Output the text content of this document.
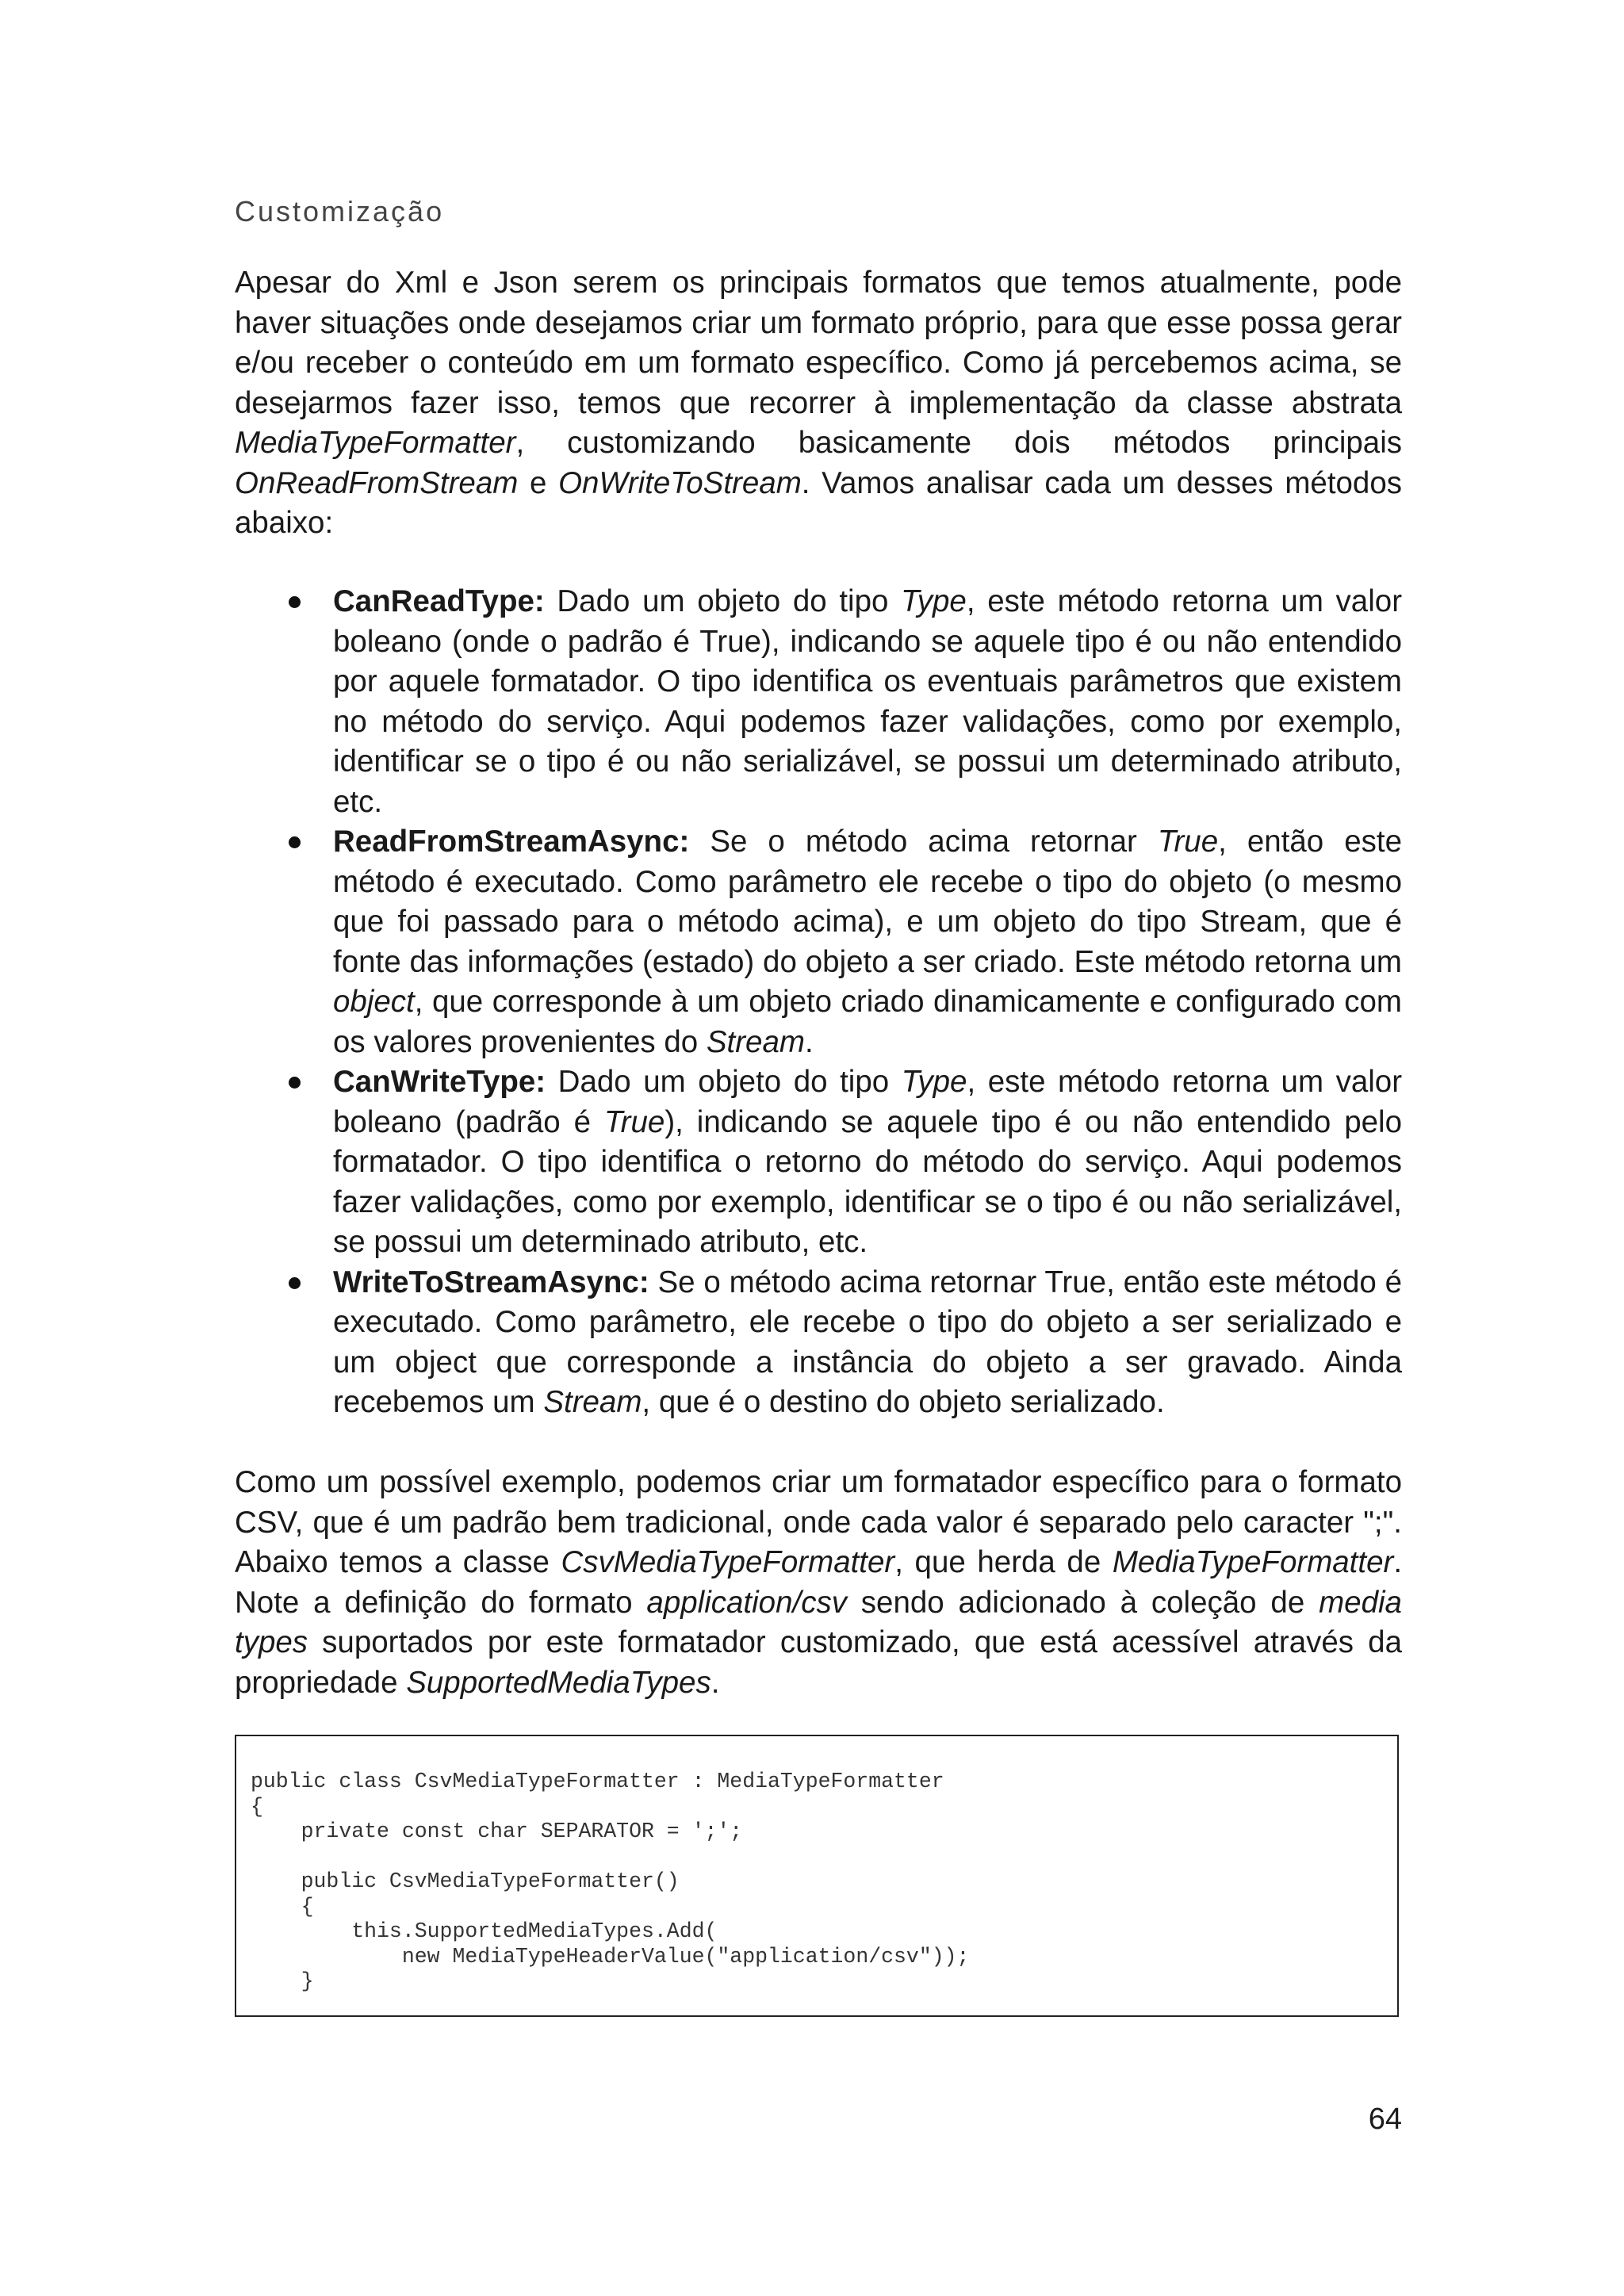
Customização

Apesar do Xml e Json serem os principais formatos que temos atualmente, pode haver situações onde desejamos criar um formato próprio, para que esse possa gerar e/ou receber o conteúdo em um formato específico. Como já percebemos acima, se desejarmos fazer isso, temos que recorrer à implementação da classe abstrata MediaTypeFormatter, customizando basicamente dois métodos principais OnReadFromStream e OnWriteToStream. Vamos analisar cada um desses métodos abaixo:

CanReadType: Dado um objeto do tipo Type, este método retorna um valor boleano (onde o padrão é True), indicando se aquele tipo é ou não entendido por aquele formatador. O tipo identifica os eventuais parâmetros que existem no método do serviço. Aqui podemos fazer validações, como por exemplo, identificar se o tipo é ou não serializável, se possui um determinado atributo, etc.
ReadFromStreamAsync: Se o método acima retornar True, então este método é executado. Como parâmetro ele recebe o tipo do objeto (o mesmo que foi passado para o método acima), e um objeto do tipo Stream, que é fonte das informações (estado) do objeto a ser criado. Este método retorna um object, que corresponde à um objeto criado dinamicamente e configurado com os valores provenientes do Stream.
CanWriteType: Dado um objeto do tipo Type, este método retorna um valor boleano (padrão é True), indicando se aquele tipo é ou não entendido pelo formatador. O tipo identifica o retorno do método do serviço. Aqui podemos fazer validações, como por exemplo, identificar se o tipo é ou não serializável, se possui um determinado atributo, etc.
WriteToStreamAsync: Se o método acima retornar True, então este método é executado. Como parâmetro, ele recebe o tipo do objeto a ser serializado e um object que corresponde a instância do objeto a ser gravado. Ainda recebemos um Stream, que é o destino do objeto serializado.

Como um possível exemplo, podemos criar um formatador específico para o formato CSV, que é um padrão bem tradicional, onde cada valor é separado pelo caracter ";". Abaixo temos a classe CsvMediaTypeFormatter, que herda de MediaTypeFormatter. Note a definição do formato application/csv sendo adicionado à coleção de media types suportados por este formatador customizado, que está acessível através da propriedade SupportedMediaTypes.

public class CsvMediaTypeFormatter : MediaTypeFormatter
{
private const char SEPARATOR = ';';
public CsvMediaTypeFormatter()
{
this.SupportedMediaTypes.Add(
new MediaTypeHeaderValue("application/csv"));
}

64
